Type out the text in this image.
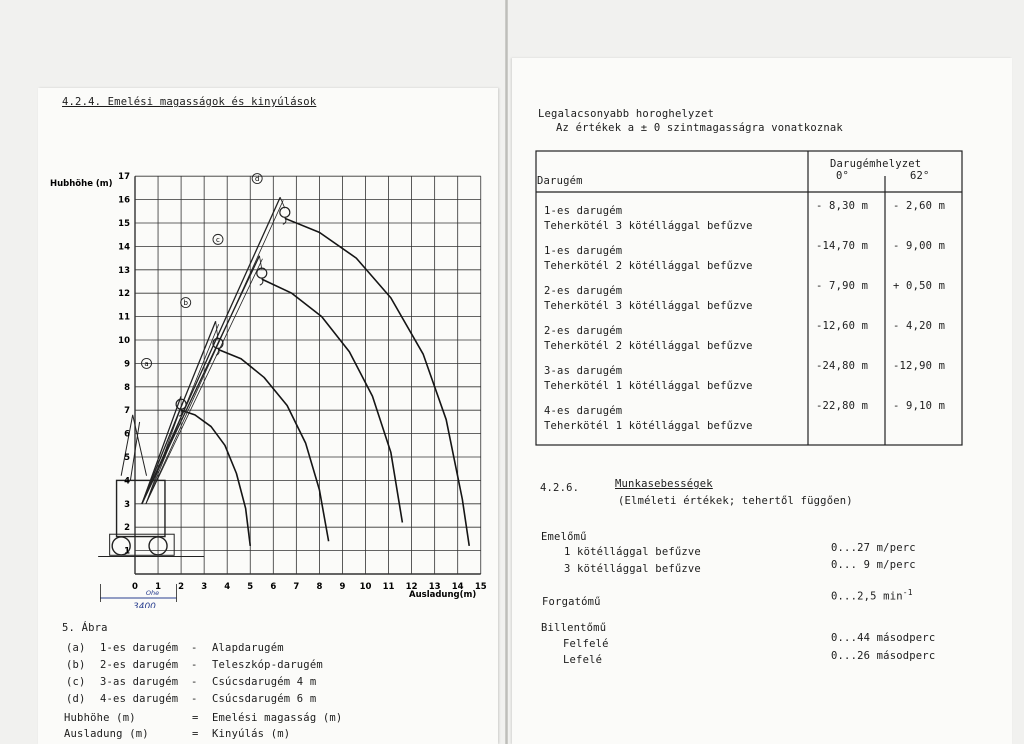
4.2.4. Emelési magasságok és kinyúlások
a
b
c
d
3400
Ohe
0 1 2 3 4 5 6 7 8 9 10 11 12 13 14 15
1
2
3
4
5
6
7
8
9
10
11
12
13
14
15
16
17
Hubhöhe (m)
Ausladung(m)
5. Ábra
(a) 1-es darugém - Alapdarugém
(b) 2-es darugém - Teleszkóp-darugém
(c) 3-as darugém - Csúcsdarugém 4 m
(d) 4-es darugém - Csúcsdarugém 6 m
Hubhöhe (m)	= Emelési magasság (m)
Ausladung (m)	= Kinyúlás (m)
Legalacsonyabb horoghelyzet
Az értékek a ± 0 szintmagasságra vonatkoznak
Darugém
Darugémhelyzet
0°	62°
1-es darugém
Teherkötél 3 kötéllággal befűzve
- 8,30 m - 2,60 m
1-es darugém
Teherkötél 2 kötéllággal befűzve
-14,70 m - 9,00 m
2-es darugém
Teherkötél 3 kötéllággal befűzve
- 7,90 m + 0,50 m
2-es darugém
Teherkötél 2 kötéllággal befűzve
-12,60 m - 4,20 m
3-as darugém
Teherkötél 1 kötéllággal befűzve
-24,80 m -12,90 m
4-es darugém
Teherkötél 1 kötéllággal befűzve
-22,80 m - 9,10 m
4.2.6.	Munkasebességek
(Elméleti értékek; tehertől függően)
Emelőmű
1 kötéllággal befűzve	0...27 m/perc
3 kötéllággal befűzve	0... 9 m/perc
Forgatómű	0...2,5 $\min^{-1}$
Billentőmű
Felfelé	0...44 másodperc
Lefelé	0...26 másodperc
